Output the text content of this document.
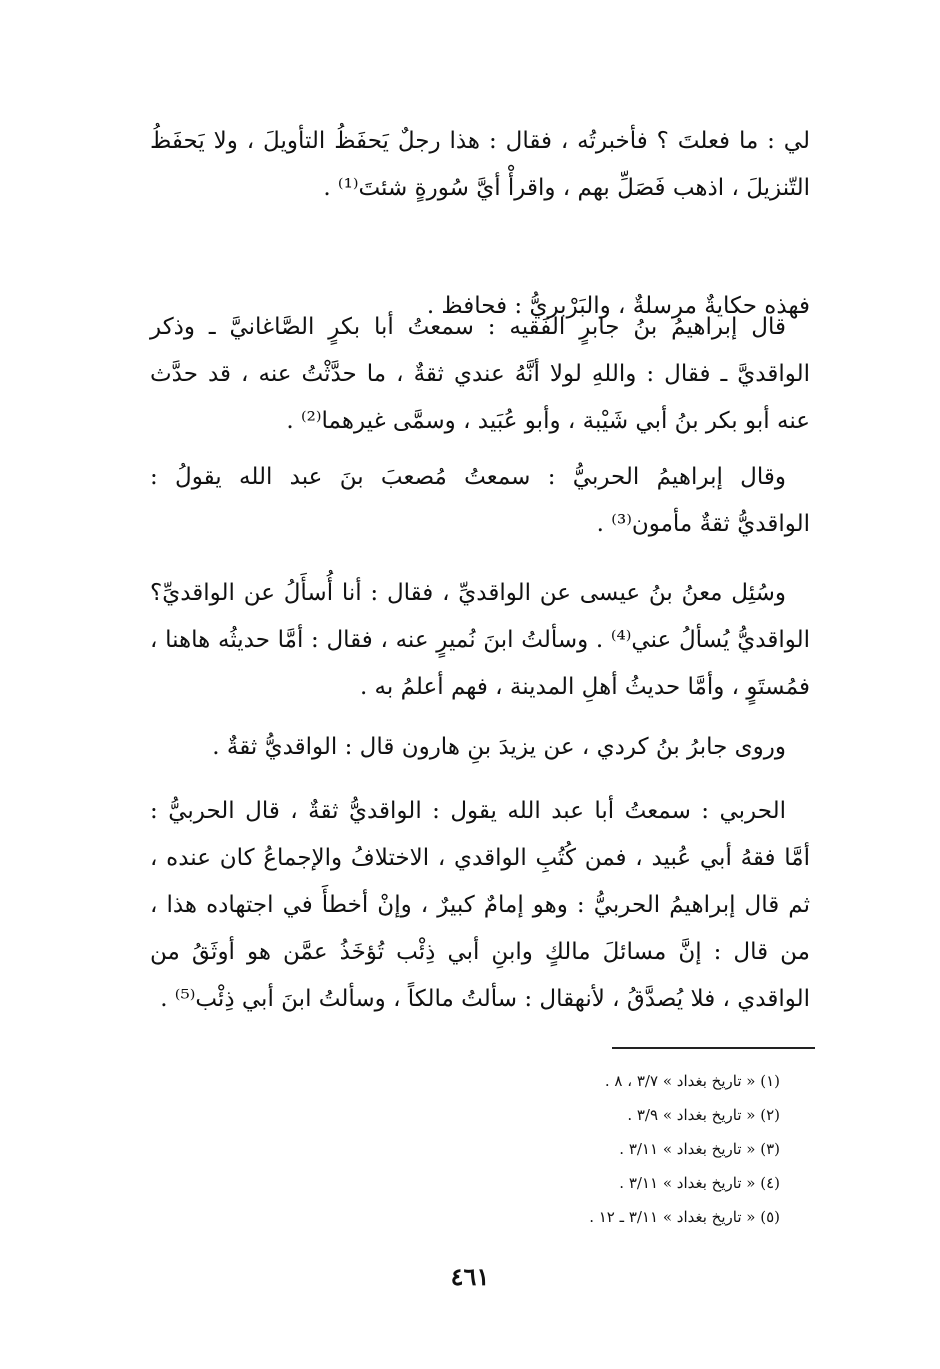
لي : ما فعلتَ ؟ فأخبرتُه ، فقال : هذا رجلٌ يَحفَظُ التأويلَ ، ولا يَحفَظُ
التّنزيلَ ، اذهب فَصَلِّ بهم ، واقرأْ أيَّ سُورةٍ شئتَ⁽¹⁾ .

فهذه حكايةٌ مرسلةٌ ، والبَرْبريُّ : فحافظ .

قال إبراهيمُ بنُ جابرٍ الفَقيه : سمعتُ أبا بكرٍ الصَّاغانيَّ ـ وذكر
الواقديَّ ـ فقال : واللهِ لولا أنَّهُ عندي ثقةٌ ، ما حدَّثْتُ عنه ، قد حدَّث
عنه أبو بكر بنُ أبي شَيْبة ، وأبو عُبَيد ، وسمَّى غيرهما⁽²⁾ .

وقال إبراهيمُ الحربيُّ : سمعتُ مُصعبَ بنَ عبد الله يقولُ :
الواقديُّ ثقةٌ مأمون⁽³⁾ .

وسُئِل معنُ بنُ عيسى عن الواقديِّ ، فقال : أنا أُسأَلُ عن الواقديِّ؟
الواقديُّ يُسألُ عني⁽⁴⁾ . وسألتُ ابنَ نُميرٍ عنه ، فقال : أمَّا حديثُه هاهنا ،
فمُستَوٍ ، وأمَّا حديثُ أهلِ المدينة ، فهم أعلمُ به .

وروى جابرُ بنُ كردي ، عن يزيدَ بنِ هارون قال : الواقديُّ ثقةٌ .

الحربي : سمعتُ أبا عبد الله يقول : الواقديُّ ثقةٌ ، قال الحربيُّ :
أمَّا فقهُ أبي عُبيد ، فمن كُتُبِ الواقدي ، الاختلافُ والإجماعُ كان عنده ،
ثم قال إبراهيمُ الحربيُّ : وهو إمامٌ كبيرٌ ، وإنْ أخطأَ في اجتهاده هذا ،
من قال : إنَّ مسائلَ مالكٍ وابنِ أبي ذِئْب تُؤخَذُ عمَّن هو أوثَقُ من
الواقدي ، فلا يُصدَّقُ ، لأنهقال : سألتُ مالكاً ، وسألتُ ابنَ أبي ذِئْب⁽⁵⁾ .

(١) « تاريخ بغداد » ٣/٧ ، ٨ .
(٢) « تاريخ بغداد » ٣/٩ .
(٣) « تاريخ بغداد » ٣/١١ .
(٤) « تاريخ بغداد » ٣/١١ .
(٥) « تاريخ بغداد » ٣/١١ ـ ١٢ .
٤٦١
